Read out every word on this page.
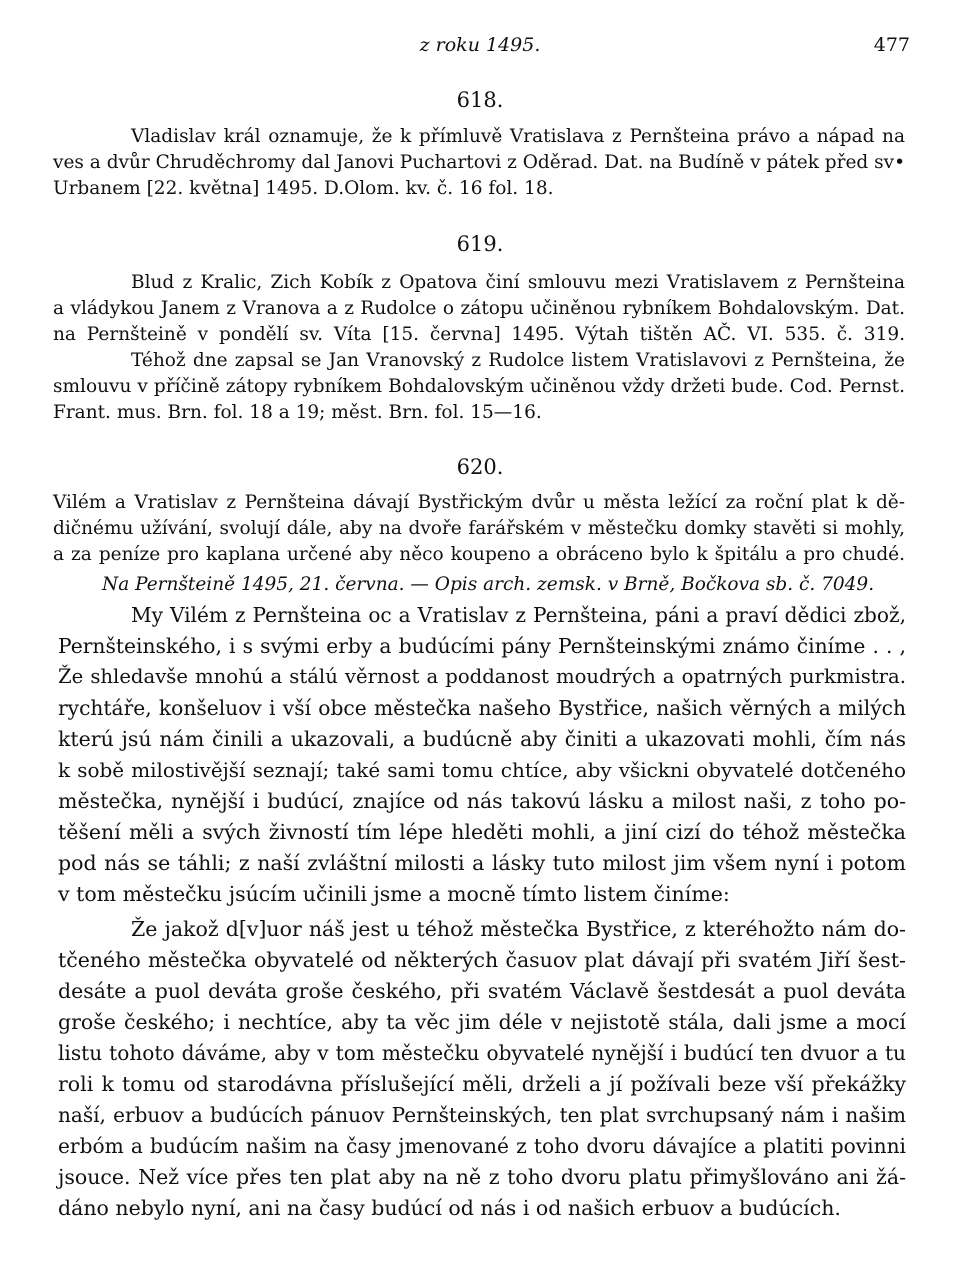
z roku 1495.	477
618.
Vladislav král oznamuje, že k přímluvě Vratislava z Pernšteina právo a nápad na
ves a dvůr Chruděchromy dal Janovi Puchartovi z Oděrad. Dat. na Budíně v pátek před sv•
Urbanem [22. května] 1495. D.Olom. kv. č. 16 fol. 18.
619.
Blud z Kralic, Zich Kobík z Opatova činí smlouvu mezi Vratislavem z Pernšteina
a vládykou Janem z Vranova a z Rudolce o zátopu učiněnou rybníkem Bohdalovským. Dat.
na Pernšteině v pondělí sv. Víta [15. června] 1495. Výtah tištěn AČ. VI. 535. č. 319.
Téhož dne zapsal se Jan Vranovský z Rudolce listem Vratislavovi z Pernšteina, že
smlouvu v příčině zátopy rybníkem Bohdalovským učiněnou vždy držeti bude. Cod. Pernst.
Frant. mus. Brn. fol. 18 a 19; měst. Brn. fol. 15—16.
620.
Vilém a Vratislav z Pernšteina dávají Bystřickým dvůr u města ležící za roční plat k dě-
dičnému užívání, svolují dále, aby na dvoře farářském v městečku domky stavěti si mohly,
a za peníze pro kaplana určené aby něco koupeno a obráceno bylo k špitálu a pro chudé.
Na Pernšteině 1495, 21. června. — Opis arch. zemsk. v Brně, Bočkova sb. č. 7049.
My Vilém z Pernšteina oc a Vratislav z Pernšteina, páni a praví dědici zbož,
Pernšteinského, i s svými erby a budúcími pány Pernšteinskými známo činíme . . ,
Že shledavše mnohú a stálú věrnost a poddanost moudrých a opatrných purkmistra.
rychtáře, konšeluov i vší obce městečka našeho Bystřice, našich věrných a milých
kterú jsú nám činili a ukazovali, a budúcně aby činiti a ukazovati mohli, čím nás
k sobě milostivější seznají; také sami tomu chtíce, aby všickni obyvatelé dotčeného
městečka, nynější i budúcí, znajíce od nás takovú lásku a milost naši, z toho po-
těšení měli a svých živností tím lépe hleděti mohli, a jiní cizí do téhož městečka
pod nás se táhli; z naší zvláštní milosti a lásky tuto milost jim všem nyní i potom
v tom městečku jsúcím učinili jsme a mocně tímto listem činíme:
Že jakož d[v]uor náš jest u téhož městečka Bystřice, z kteréhožto nám do-
tčeného městečka obyvatelé od některých časuov plat dávají při svatém Jiří šest-
desáte a puol deváta groše českého, při svatém Václavě šestdesát a puol deváta
groše českého; i nechtíce, aby ta věc jim déle v nejistotě stála, dali jsme a mocí
listu tohoto dáváme, aby v tom městečku obyvatelé nynější i budúcí ten dvuor a tu
roli k tomu od starodávna příslušející měli, drželi a jí požívali beze vší překážky
naší, erbuov a budúcích pánuov Pernšteinských, ten plat svrchupsaný nám i našim
erbóm a budúcím našim na časy jmenované z toho dvoru dávajíce a platiti povinni
jsouce. Než více přes ten plat aby na ně z toho dvoru platu přimyšlováno ani žá-
dáno nebylo nyní, ani na časy budúcí od nás i od našich erbuov a budúcích.
